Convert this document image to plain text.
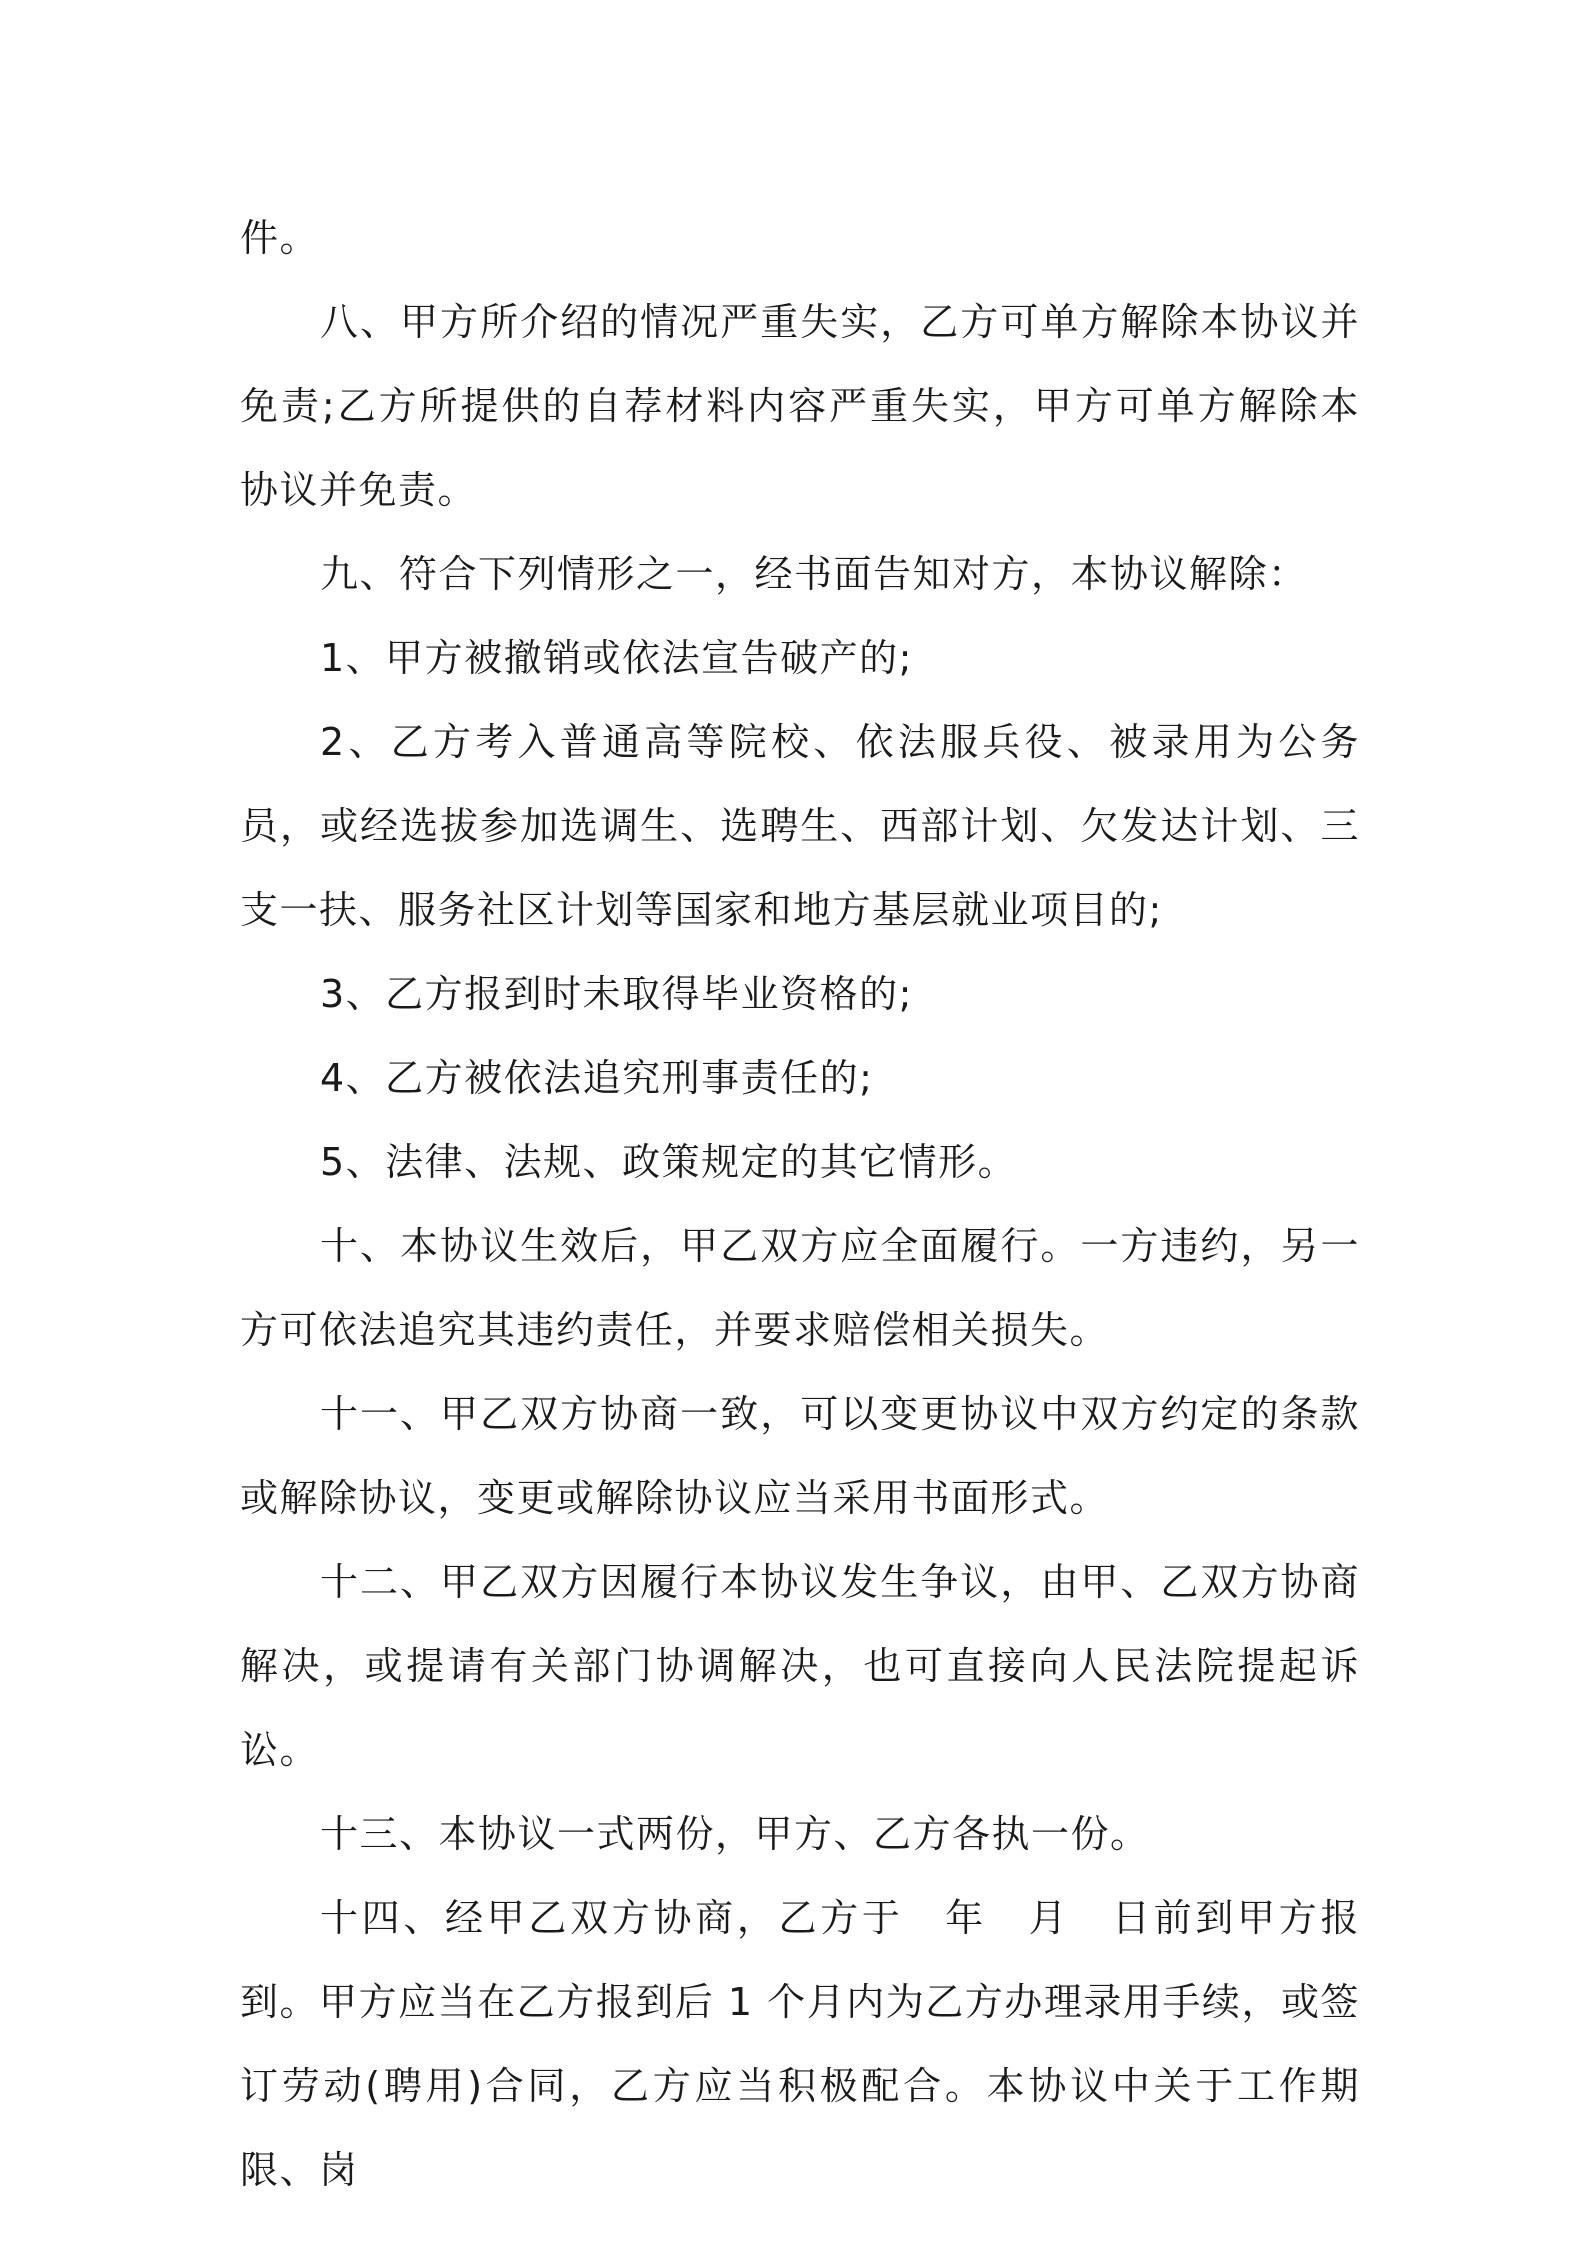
件。

八、甲方所介绍的情况严重失实，乙方可单方解除本协议并免责;乙方所提供的自荐材料内容严重失实，甲方可单方解除本协议并免责。

九、符合下列情形之一，经书面告知对方，本协议解除：

1、甲方被撤销或依法宣告破产的;

2、乙方考入普通高等院校、依法服兵役、被录用为公务员，或经选拔参加选调生、选聘生、西部计划、欠发达计划、三支一扶、服务社区计划等国家和地方基层就业项目的;

3、乙方报到时未取得毕业资格的;

4、乙方被依法追究刑事责任的;

5、法律、法规、政策规定的其它情形。

十、本协议生效后，甲乙双方应全面履行。一方违约，另一方可依法追究其违约责任，并要求赔偿相关损失。

十一、甲乙双方协商一致，可以变更协议中双方约定的条款或解除协议，变更或解除协议应当采用书面形式。

十二、甲乙双方因履行本协议发生争议，由甲、乙双方协商解决，或提请有关部门协调解决，也可直接向人民法院提起诉讼。

十三、本协议一式两份，甲方、乙方各执一份。

十四、经甲乙双方协商，乙方于　年　月　日前到甲方报到。甲方应当在乙方报到后 1 个月内为乙方办理录用手续，或签订劳动(聘用)合同，乙方应当积极配合。本协议中关于工作期限、岗
